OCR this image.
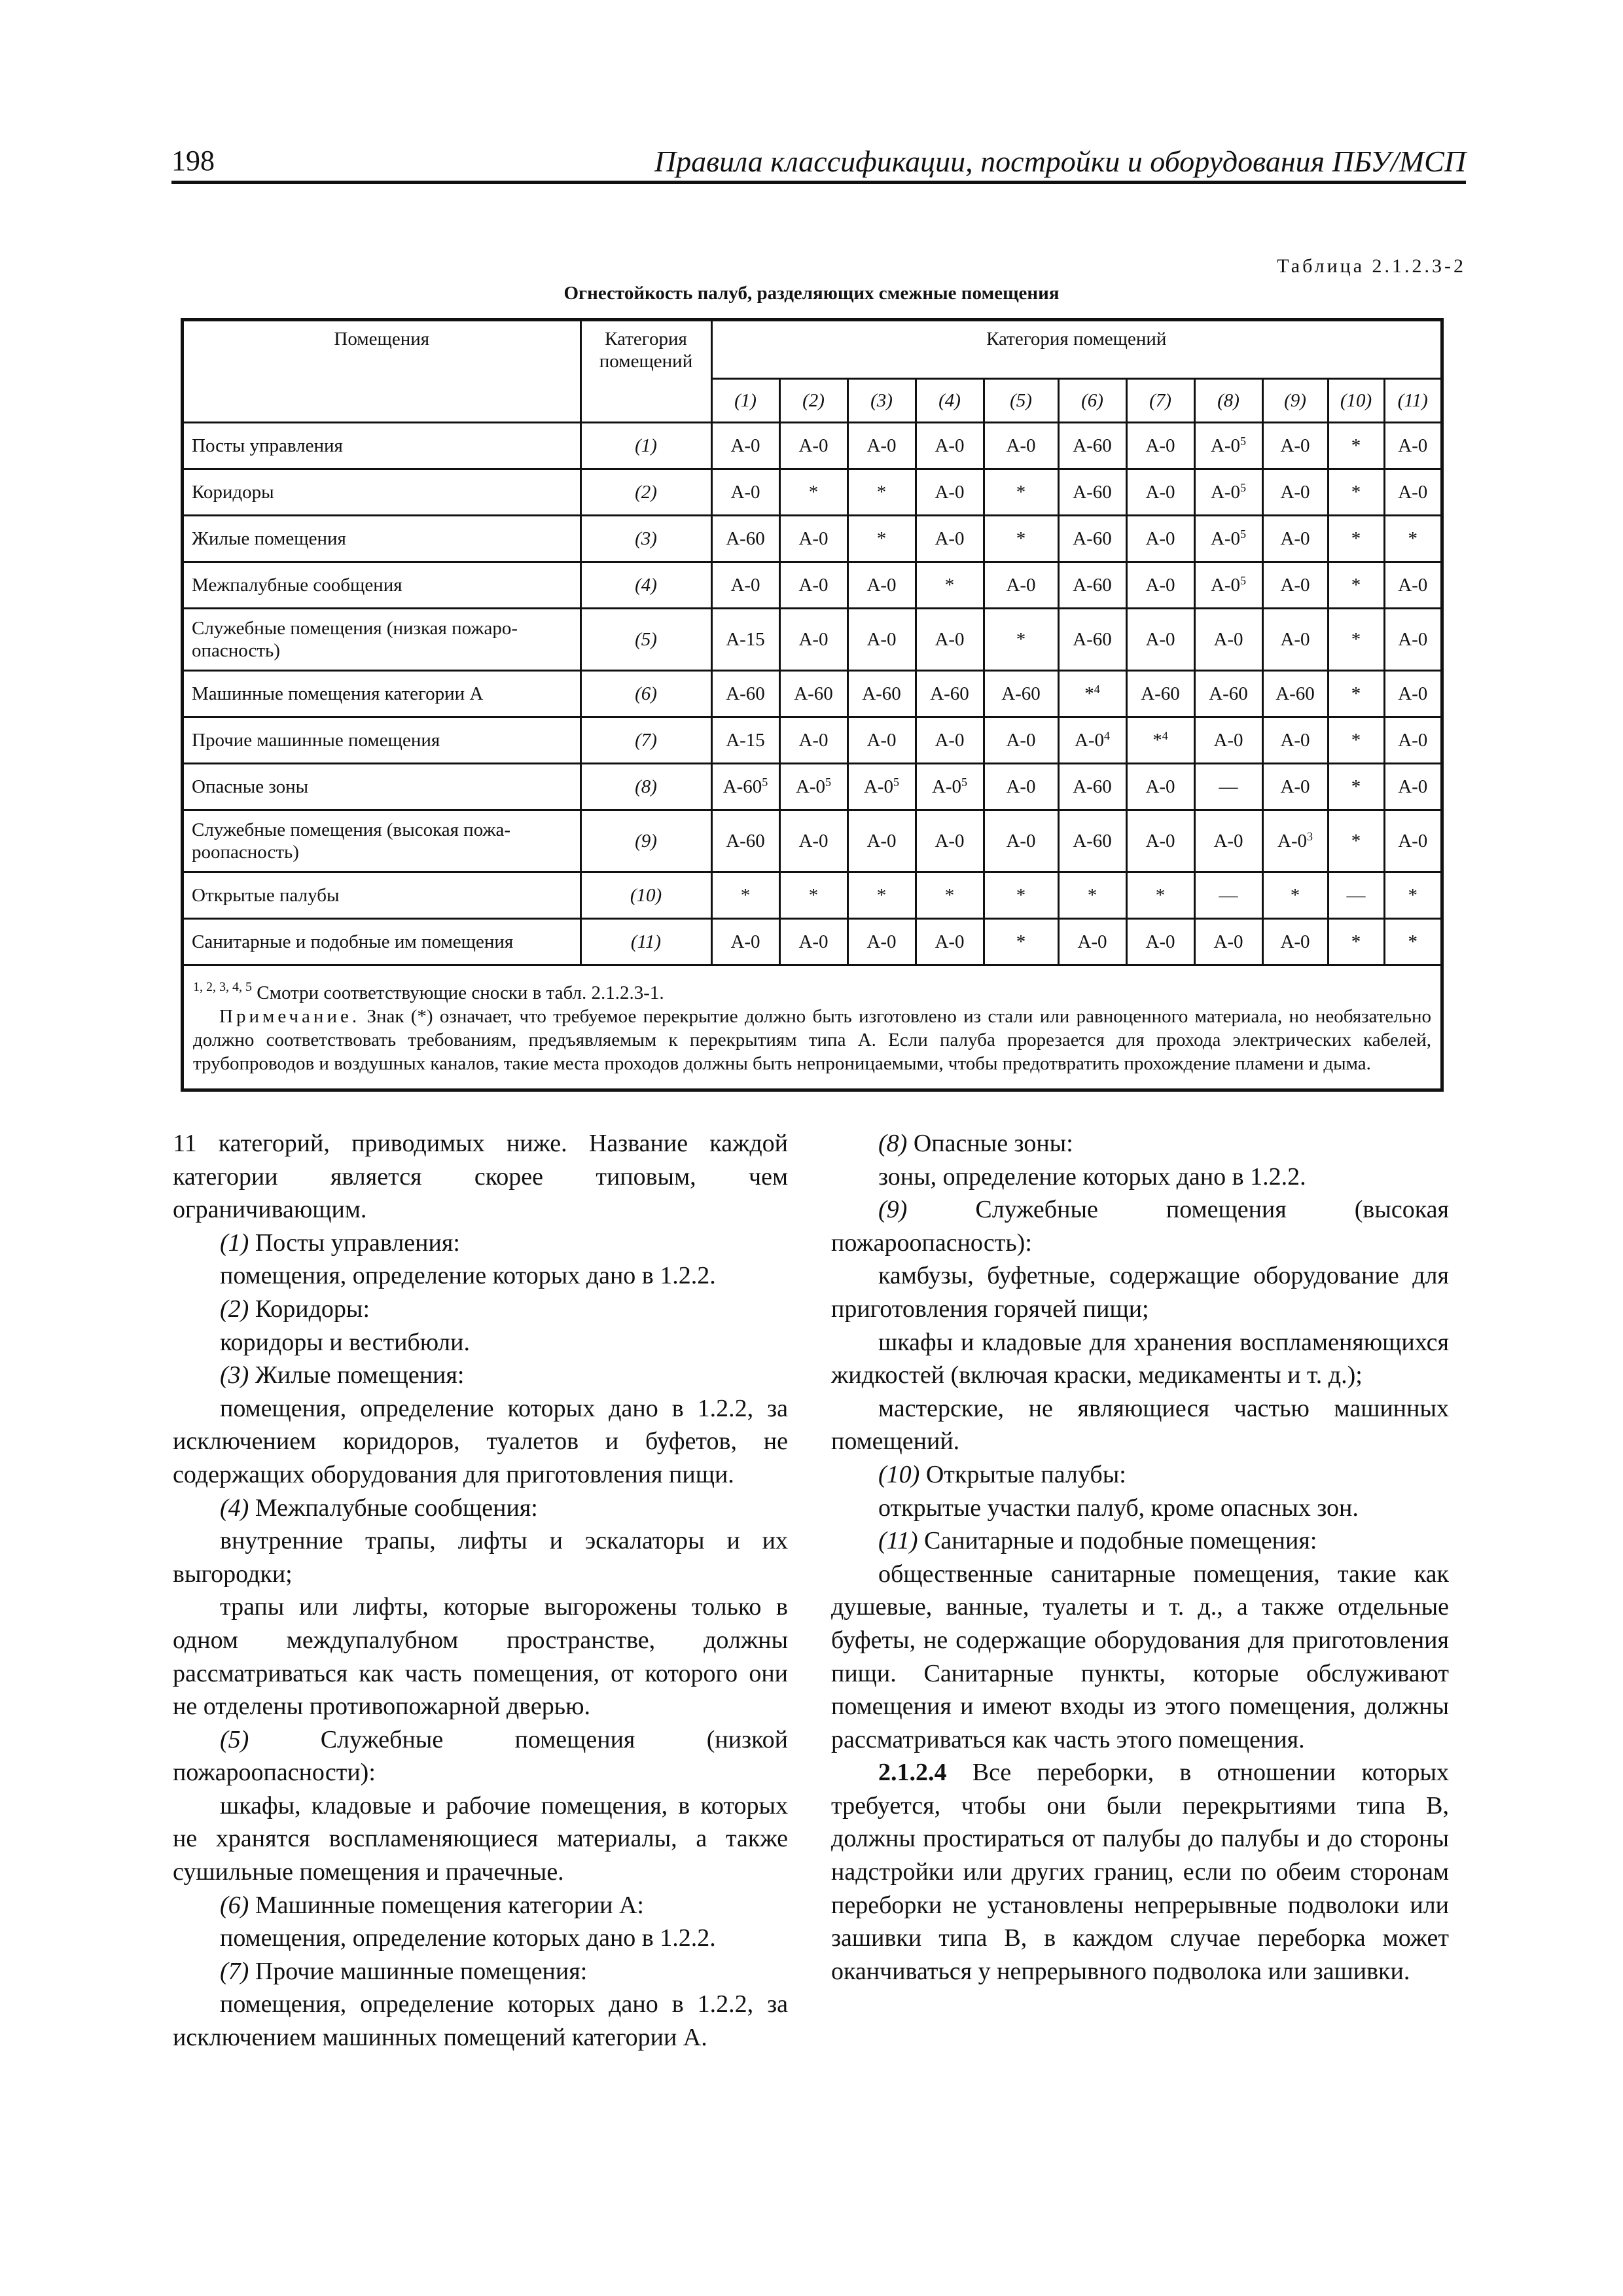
198	Правила классификации, постройки и оборудования ПБУ/МСП
Таблица 2.1.2.3-2
Огнестойкость палуб, разделяющих смежные помещения
Помещения	Категория помещений	Категория помещений										
		(1)	(2)	(3)	(4)	(5)	(6)	(7)	(8)	(9)	(10)	(11)
Посты управления	(1)	A-0	A-0	A-0	A-0	A-0	A-60	A-0	$A-0^5$	A-0	*	A-0
Коридоры	(2)	A-0	*	*	A-0	*	A-60	A-0	$A-0^5$	A-0	*	A-0
Жилые помещения	(3)	A-60	A-0	*	A-0	*	A-60	A-0	$A-0^5$	A-0	*	*
Межпалубные сообщения	(4)	A-0	A-0	A-0	*	A-0	A-60	A-0	$A-0^5$	A-0	*	A-0
Служебные помещения (низкая пожаро-опасность)	(5)	A-15	A-0	A-0	A-0	*	A-60	A-0	A-0	A-0	*	A-0
Машинные помещения категории А	(6)	A-60	A-60	A-60	A-60	A-60	*$^4$	A-60	A-60	A-60	*	A-0
Прочие машинные помещения	(7)	A-15	A-0	A-0	A-0	A-0	$A-0^4$	*$^4$	A-0	A-0	*	A-0
Опасные зоны	(8)	$A-60^5$	$A-0^5$	$A-0^5$	$A-0^5$	A-0	A-60	A-0	—	A-0	*	A-0
Служебные помещения (высокая пожа-роопасность)	(9)	A-60	A-0	A-0	A-0	A-0	A-60	A-0	A-0	$A-0^3$	*	A-0
Открытые палубы	(10)	*	*	*	*	*	*	*	—	*	—	*
Санитарные и подобные им помещения	(11)	A-0	A-0	A-0	A-0	*	A-0	A-0	A-0	A-0	*	*
$^{1, 2, 3, 4, 5}$ Смотри соответствующие сноски в табл. 2.1.2.3-1.
Примечание. Знак (*) означает, что требуемое перекрытие должно быть изготовлено из стали или равноценного материала, но необязательно должно соответствовать требованиям, предъявляемым к перекрытиям типа А. Если палуба прорезается для прохода электрических кабелей, трубопроводов и воздушных каналов, такие места проходов должны быть непроницаемыми, чтобы предотвратить прохождение пламени и дыма.

11 категорий, приводимых ниже. Название каждой категории является скорее типовым, чем ограничивающим.

(1) Посты управления:

помещения, определение которых дано в 1.2.2.

(2) Коридоры:

коридоры и вестибюли.

(3) Жилые помещения:

помещения, определение которых дано в 1.2.2, за исключением коридоров, туалетов и буфетов, не содержащих оборудования для приготовления пищи.

(4) Межпалубные сообщения:

внутренние трапы, лифты и эскалаторы и их выгородки;

трапы или лифты, которые выгорожены только в одном междупалубном пространстве, должны рассматриваться как часть помещения, от которого они не отделены противопожарной дверью.

(5)	Служебные помещения (низкой пожароопасности):

шкафы, кладовые и рабочие помещения, в которых не хранятся воспламеняющиеся материалы, а также сушильные помещения и прачечные.

(6) Машинные помещения категории А:

помещения, определение которых дано в 1.2.2.

(7) Прочие машинные помещения:

помещения, определение которых дано в 1.2.2, за исключением машинных помещений категории А.

(8) Опасные зоны:

зоны, определение которых дано в 1.2.2.

(9)	Служебные помещения (высокая пожароопасность):

камбузы, буфетные, содержащие оборудование для приготовления горячей пищи;

шкафы и кладовые для хранения воспламеняющихся жидкостей (включая краски, медикаменты и т. д.);

мастерские, не являющиеся частью машинных помещений.

(10) Открытые палубы:

открытые участки палуб, кроме опасных зон.

(11) Санитарные и подобные помещения:

общественные санитарные помещения, такие как душевые, ванные, туалеты и т. д., а также отдельные буфеты, не содержащие оборудования для приготовления пищи. Санитарные пункты, которые обслуживают помещения и имеют входы из этого помещения, должны рассматриваться как часть этого помещения.

2.1.2.4 Все переборки, в отношении которых требуется, чтобы они были перекрытиями типа В, должны простираться от палубы до палубы и до стороны надстройки или других границ, если по обеим сторонам переборки не установлены непрерывные подволоки или зашивки типа В, в каждом случае переборка может оканчиваться у непрерывного подволока или зашивки.
